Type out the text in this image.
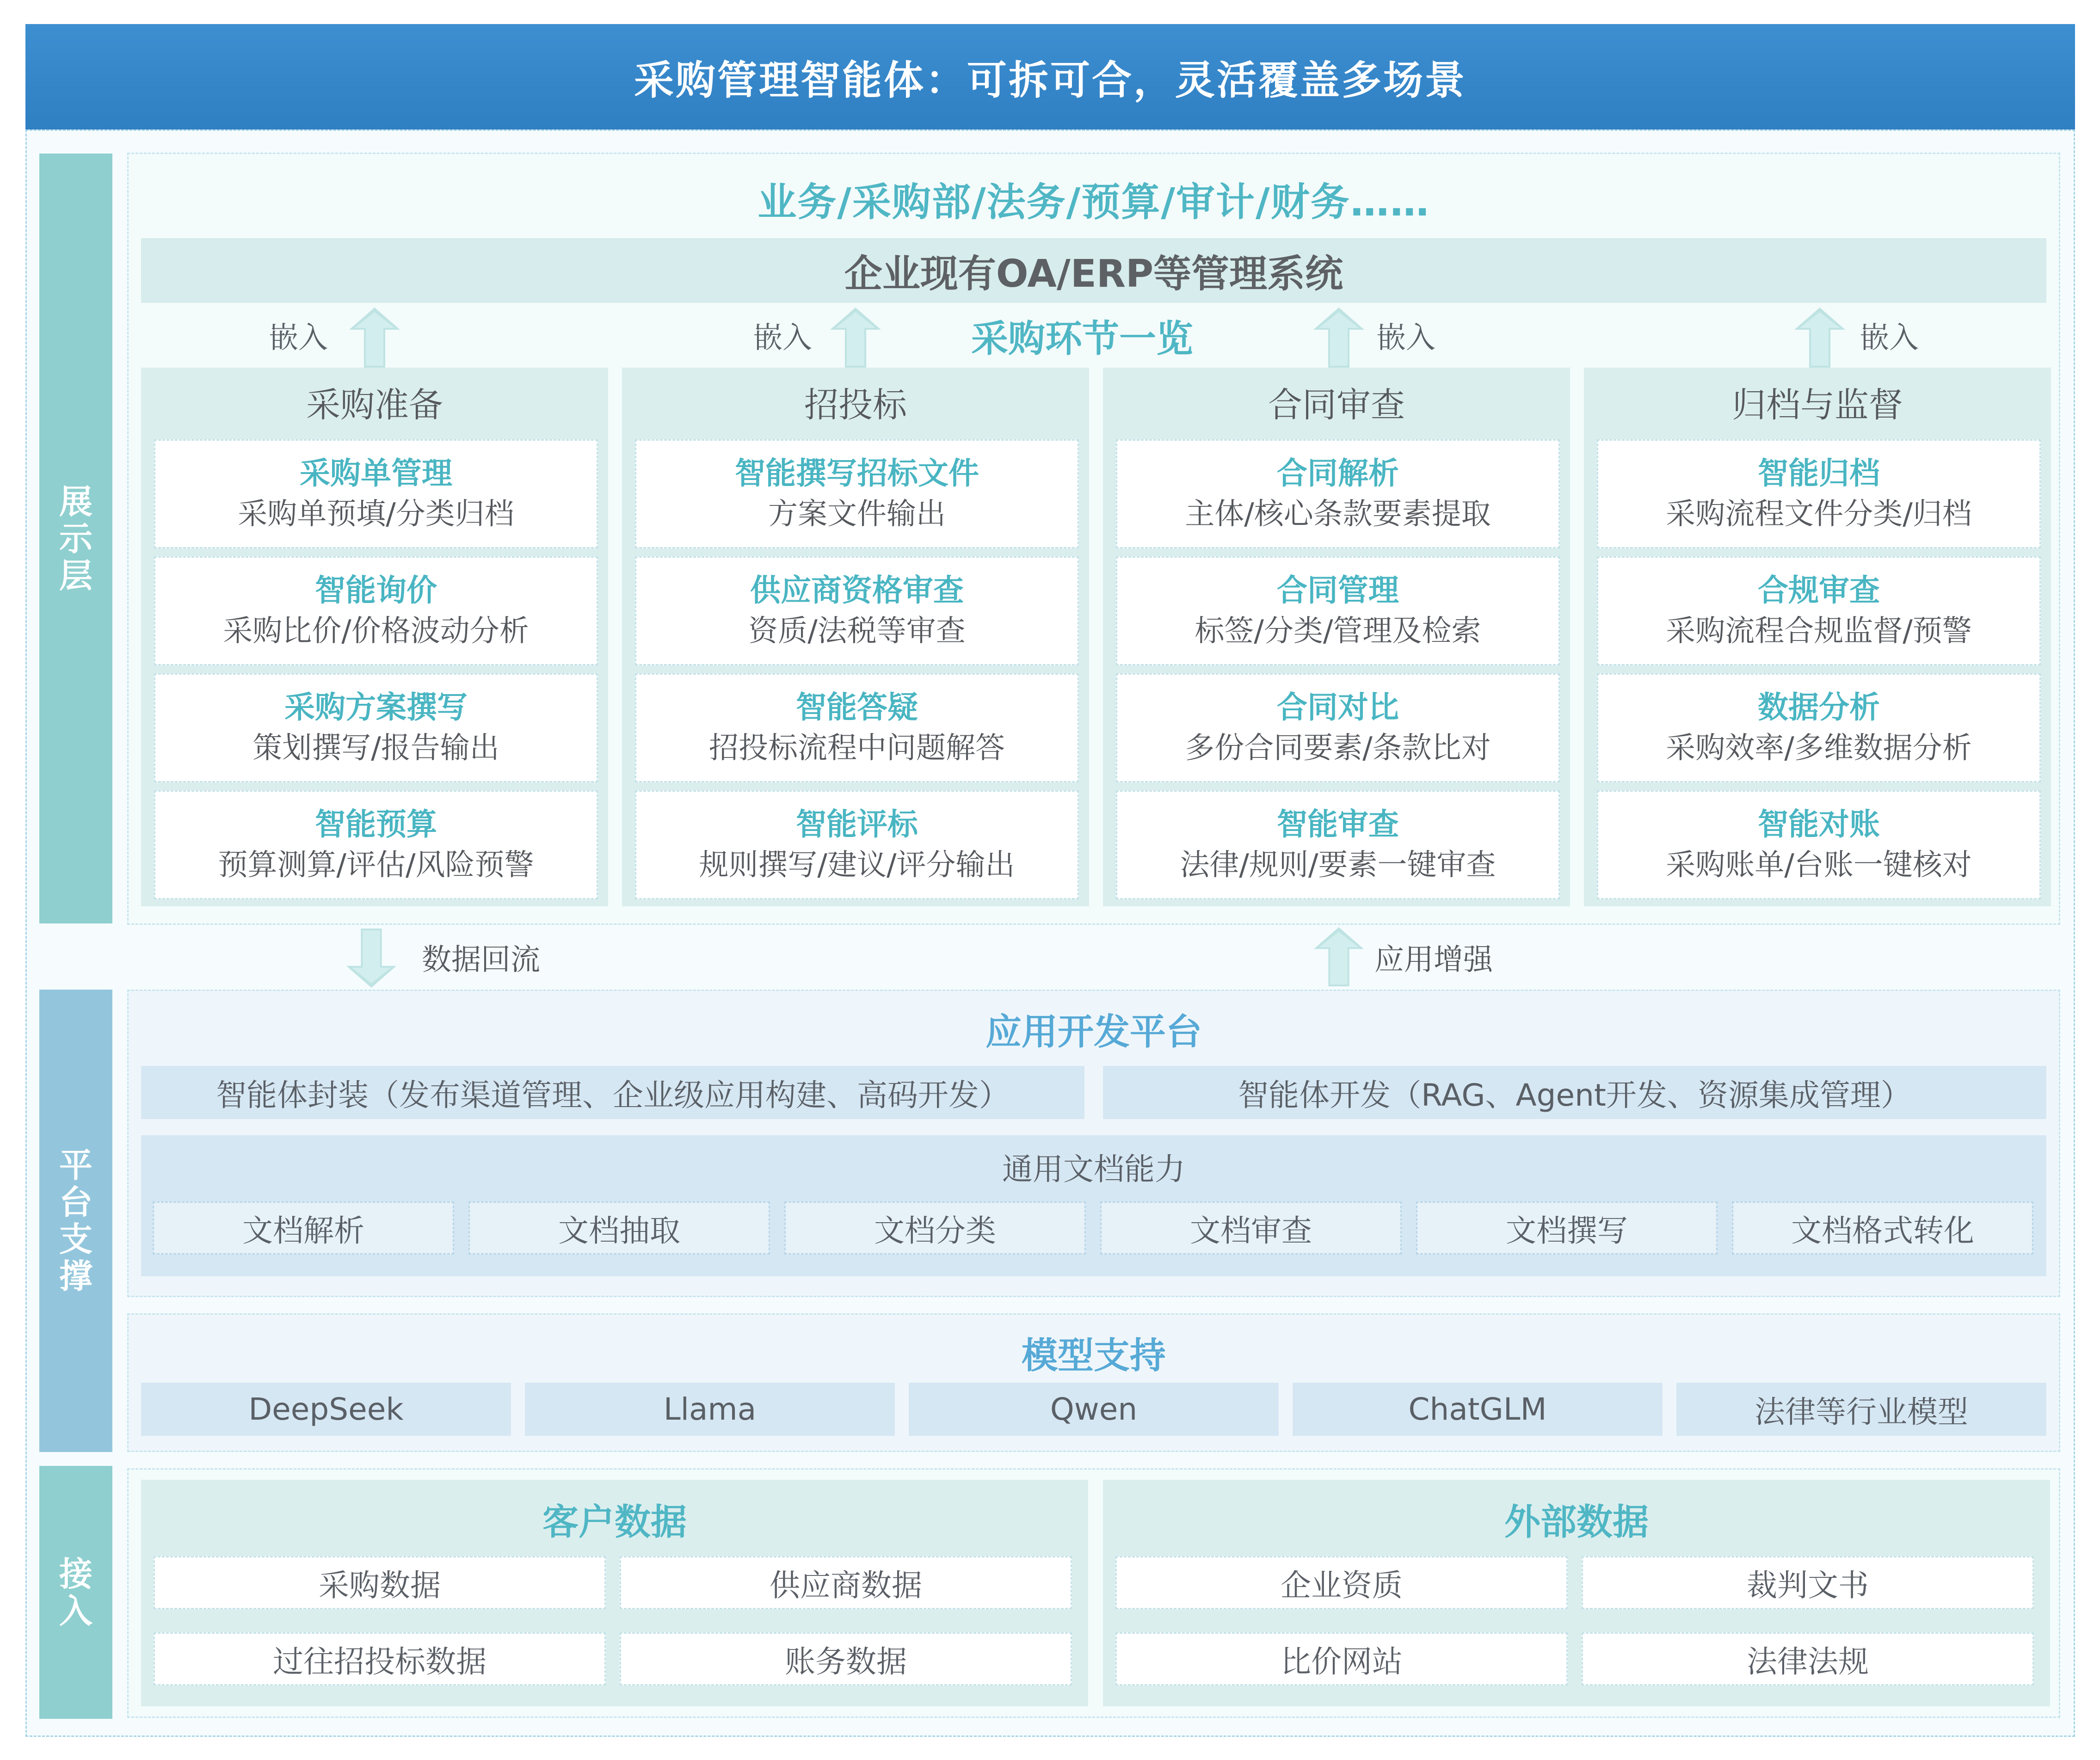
采购管理智能体：可拆可合，灵活覆盖多场景
展
示
层
平
台
支
撑
接
入
业务/采购部/法务/预算/审计/财务……
企业现有OA/ERP等管理系统
采购环节一览
嵌入	嵌入	嵌入	嵌入
采购准备
采购单管理
采购单预填/分类归档
智能询价
采购比价/价格波动分析
采购方案撰写
策划撰写/报告输出
智能预算
预算测算/评估/风险预警
招投标
智能撰写招标文件
方案文件输出
供应商资格审查
资质/法税等审查
智能答疑
招投标流程中问题解答
智能评标
规则撰写/建议/评分输出
合同审查
合同解析
主体/核心条款要素提取
合同管理
标签/分类/管理及检索
合同对比
多份合同要素/条款比对
智能审查
法律/规则/要素一键审查
归档与监督
智能归档
采购流程文件分类/归档
合规审查
采购流程合规监督/预警
数据分析
采购效率/多维数据分析
智能对账
采购账单/台账一键核对
数据回流	应用增强
应用开发平台
智能体封装（发布渠道管理、企业级应用构建、高码开发）	智能体开发（RAG、Agent开发、资源集成管理）
通用文档能力
文档解析	文档抽取	文档分类	文档审查	文档撰写	文档格式转化
模型支持
DeepSeek	Llama	Qwen	ChatGLM	法律等行业模型
客户数据
采购数据	供应商数据
过往招投标数据	账务数据
外部数据
企业资质	裁判文书
比价网站	法律法规
